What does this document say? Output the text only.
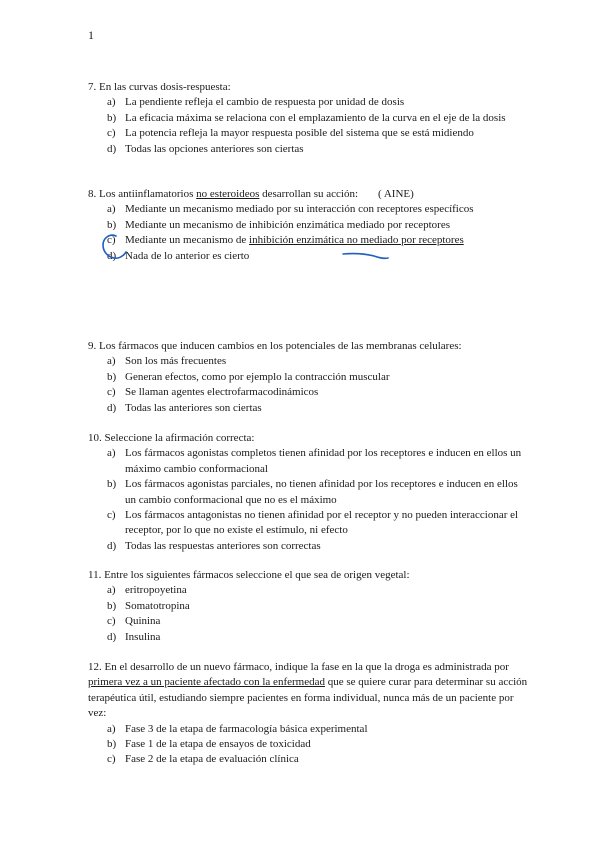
1

7. En las curvas dosis-respuesta:

a) La pendiente refleja el cambio de respuesta por unidad de dosis
b) La eficacia máxima se relaciona con el emplazamiento de la curva en el eje de la dosis
c) La potencia refleja la mayor respuesta posible del sistema que se está midiendo
d) Todas las opciones anteriores son ciertas

8. Los antiinflamatorios no esteroideos desarrollan su acción: ( AINE)

a) Mediante un mecanismo mediado por su interacción con receptores específicos
b) Mediante un mecanismo de inhibición enzimática mediado por receptores
c) Mediante un mecanismo de inhibición enzimática no mediado por receptores
d) Nada de lo anterior es cierto

9. Los fármacos que inducen cambios en los potenciales de las membranas celulares:

a) Son los más frecuentes
b) Generan efectos, como por ejemplo la contracción muscular
c) Se llaman agentes electrofarmacodinámicos
d) Todas las anteriores son ciertas

10. Seleccione la afirmación correcta:

a) Los fármacos agonistas completos tienen afinidad por los receptores e inducen en ellos un máximo cambio conformacional
b) Los fármacos agonistas parciales, no tienen afinidad por los receptores e inducen en ellos un cambio conformacional que no es el máximo
c) Los fármacos antagonistas no tienen afinidad por el receptor y no pueden interaccionar el receptor, por lo que no existe el estímulo, ni efecto
d) Todas las respuestas anteriores son correctas

11. Entre los siguientes fármacos seleccione el que sea de origen vegetal:

a) eritropoyetina
b) Somatotropina
c) Quinina
d) Insulina

12. En el desarrollo de un nuevo fármaco, indique la fase en la que la droga es administrada por primera vez a un paciente afectado con la enfermedad que se quiere curar para determinar su acción terapéutica útil, estudiando siempre pacientes en forma individual, nunca más de un paciente por vez:

a) Fase 3 de la etapa de farmacología básica experimental
b) Fase 1 de la etapa de ensayos de toxicidad
c) Fase 2 de la etapa de evaluación clínica
